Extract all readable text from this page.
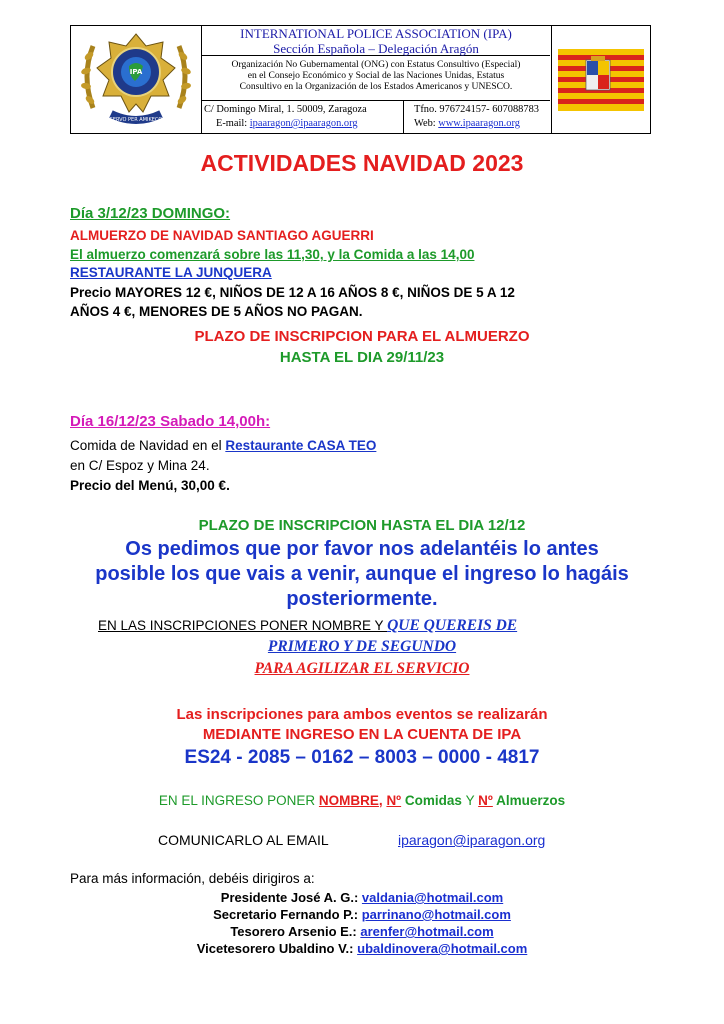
SERVO PER AMIKECO
IPA
INTERNATIONAL POLICE ASSOCIATION (IPA)
Sección Española – Delegación Aragón
Organización No Gubernamental (ONG) con Estatus Consultivo (Especial)
en el Consejo Económico y Social de las Naciones Unidas, Estatus
Consultivo en la Organización de los Estados Americanos y UNESCO.
C/ Domingo Miral, 1. 50009, Zaragoza
E-mail: ipaaragon@ipaaragon.org
Tfno. 976724157- 607088783
Web: www.ipaaragon.org
ACTIVIDADES NAVIDAD 2023
Día 3/12/23 DOMINGO:
ALMUERZO DE NAVIDAD SANTIAGO AGUERRI
El almuerzo comenzará sobre las 11,30, y la Comida a las 14,00
RESTAURANTE LA JUNQUERA
Precio MAYORES 12 €, NIÑOS DE 12 A 16 AÑOS 8 €, NIÑOS DE 5 A 12
AÑOS 4 €, MENORES DE 5 AÑOS NO PAGAN.
PLAZO DE INSCRIPCION PARA EL ALMUERZO
HASTA EL DIA 29/11/23
Día 16/12/23 Sabado 14,00h:
Comida de Navidad en el Restaurante CASA TEO
en C/ Espoz y Mina 24.
Precio del Menú, 30,00 €.
PLAZO DE INSCRIPCION HASTA EL DIA 12/12
Os pedimos que por favor nos adelantéis lo antes
posible los que vais a venir, aunque el ingreso lo hagáis
posteriormente.
EN LAS INSCRIPCIONES PONER NOMBRE Y QUE QUEREIS DE
PRIMERO Y DE SEGUNDO
PARA AGILIZAR EL SERVICIO
Las inscripciones para ambos eventos se realizarán
MEDIANTE INGRESO EN LA CUENTA DE IPA
ES24 - 2085 – 0162 – 8003 – 0000 - 4817
EN EL INGRESO PONER NOMBRE, Nº Comidas Y Nº Almuerzos
COMUNICARLO AL EMAIL	iparagon@iparagon.org
Para más información, debéis dirigiros a:
Presidente José A. G.: valdania@hotmail.com
Secretario Fernando P.: parrinano@hotmail.com
Tesorero Arsenio E.: arenfer@hotmail.com
Vicetesorero Ubaldino V.: ubaldinovera@hotmail.com
